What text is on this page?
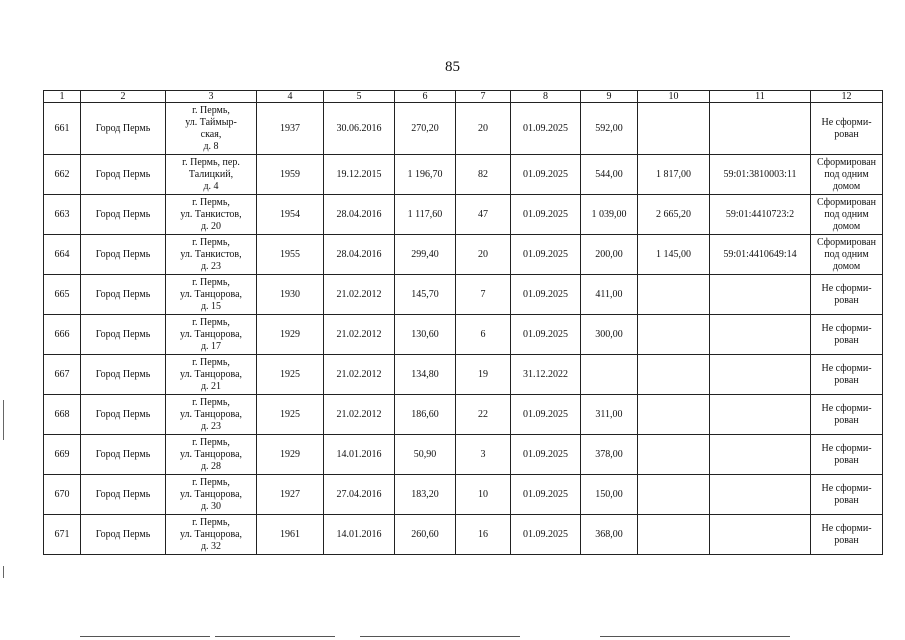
85
1	2	3	4	5	6	7	8	9	10	11	12
661	Город Пермь	г. Пермь,
ул. Таймыр-
ская,
д. 8	1937	30.06.2016	270,20	20	01.09.2025	592,00			Не сформи-
рован
662	Город Пермь	г. Пермь, пер.
Талицкий,
д. 4	1959	19.12.2015	1 196,70	82	01.09.2025	544,00	1 817,00	59:01:3810003:11	Сформирован
под одним
домом
663	Город Пермь	г. Пермь,
ул. Танкистов,
д. 20	1954	28.04.2016	1 117,60	47	01.09.2025	1 039,00	2 665,20	59:01:4410723:2	Сформирован
под одним
домом
664	Город Пермь	г. Пермь,
ул. Танкистов,
д. 23	1955	28.04.2016	299,40	20	01.09.2025	200,00	1 145,00	59:01:4410649:14	Сформирован
под одним
домом
665	Город Пермь	г. Пермь,
ул. Танцорова,
д. 15	1930	21.02.2012	145,70	7	01.09.2025	411,00			Не сформи-
рован
666	Город Пермь	г. Пермь,
ул. Танцорова,
д. 17	1929	21.02.2012	130,60	6	01.09.2025	300,00			Не сформи-
рован
667	Город Пермь	г. Пермь,
ул. Танцорова,
д. 21	1925	21.02.2012	134,80	19	31.12.2022				Не сформи-
рован
668	Город Пермь	г. Пермь,
ул. Танцорова,
д. 23	1925	21.02.2012	186,60	22	01.09.2025	311,00			Не сформи-
рован
669	Город Пермь	г. Пермь,
ул. Танцорова,
д. 28	1929	14.01.2016	50,90	3	01.09.2025	378,00			Не сформи-
рован
670	Город Пермь	г. Пермь,
ул. Танцорова,
д. 30	1927	27.04.2016	183,20	10	01.09.2025	150,00			Не сформи-
рован
671	Город Пермь	г. Пермь,
ул. Танцорова,
д. 32	1961	14.01.2016	260,60	16	01.09.2025	368,00			Не сформи-
рован
